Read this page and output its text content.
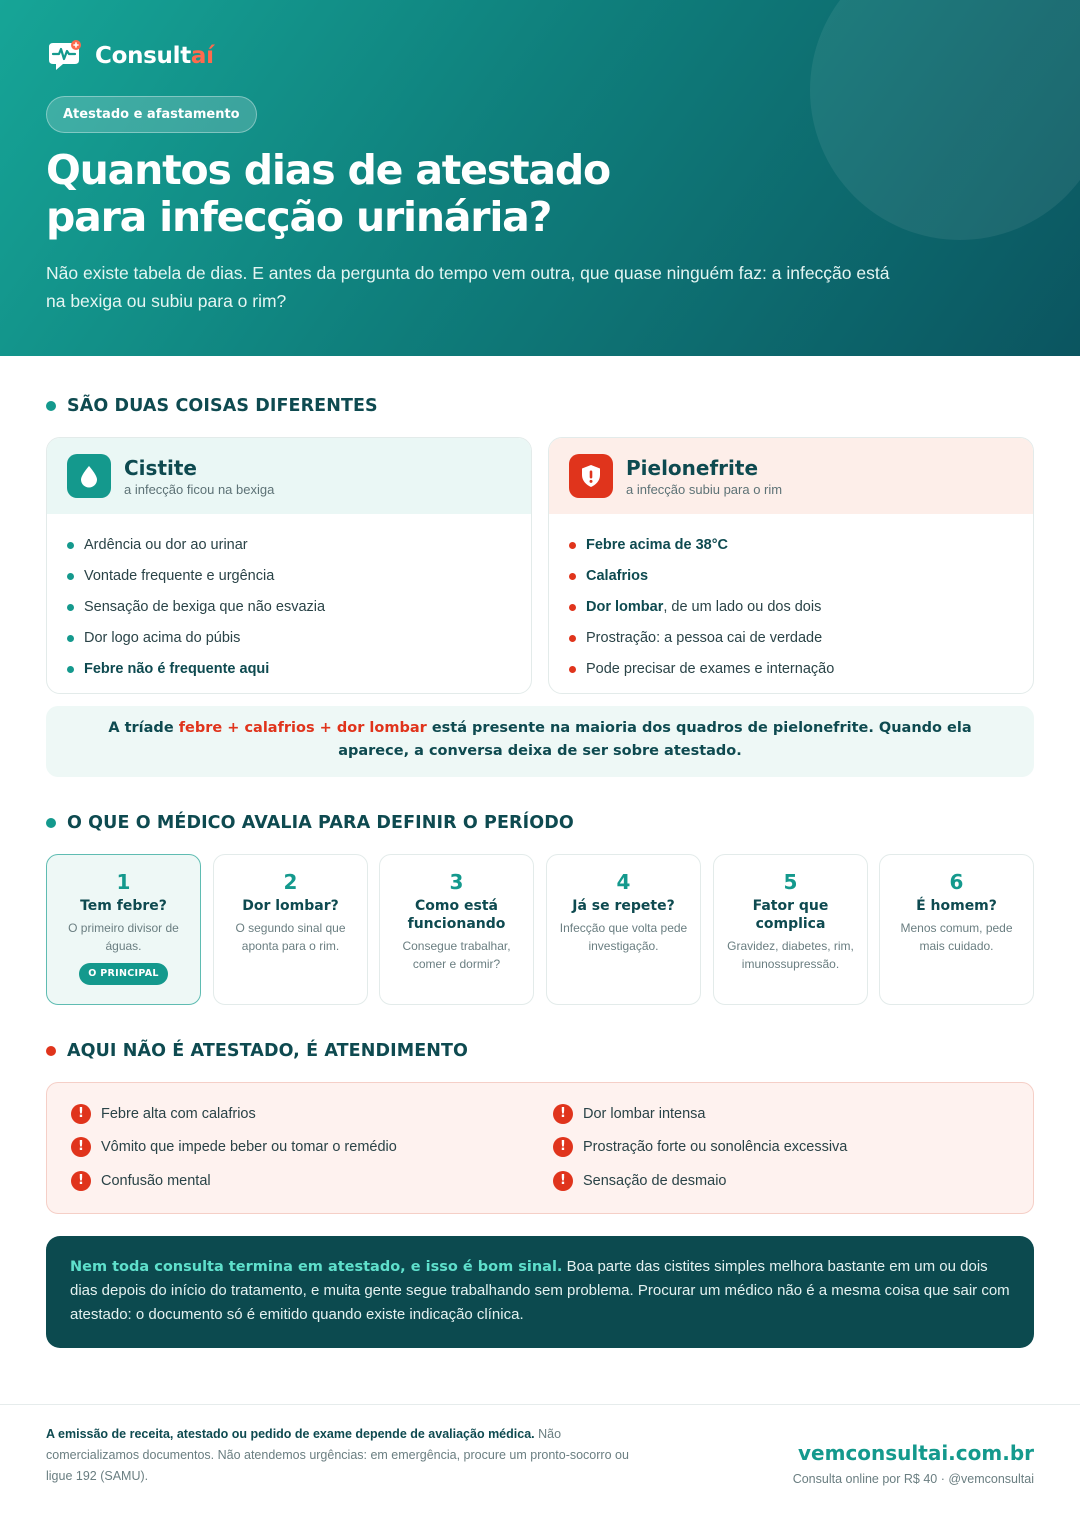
Consultaí
Atestado e afastamento
Quantos dias de atestado
para infecção urinária?
Não existe tabela de dias. E antes da pergunta do tempo vem outra, que quase ninguém faz: a infecção está na bexiga ou subiu para o rim?
SÃO DUAS COISAS DIFERENTES
Cistite
a infecção ficou na bexiga
Ardência ou dor ao urinar
Vontade frequente e urgência
Sensação de bexiga que não esvazia
Dor logo acima do púbis
Febre não é frequente aqui
Pielonefrite
a infecção subiu para o rim
Febre acima de 38°C
Calafrios
Dor lombar, de um lado ou dos dois
Prostração: a pessoa cai de verdade
Pode precisar de exames e internação
A tríade febre + calafrios + dor lombar está presente na maioria dos quadros de pielonefrite. Quando ela aparece, a conversa deixa de ser sobre atestado.
O QUE O MÉDICO AVALIA PARA DEFINIR O PERÍODO
1
Tem febre?
O primeiro divisor de águas.
O PRINCIPAL
2
Dor lombar?
O segundo sinal que aponta para o rim.
3
Como está funcionando
Consegue trabalhar, comer e dormir?
4
Já se repete?
Infecção que volta pede investigação.
5
Fator que complica
Gravidez, diabetes, rim, imunossupressão.
6
É homem?
Menos comum, pede mais cuidado.
AQUI NÃO É ATESTADO, É ATENDIMENTO
!	Febre alta com calafrios
!	Vômito que impede beber ou tomar o remédio
!	Confusão mental
!	Dor lombar intensa
!	Prostração forte ou sonolência excessiva
!	Sensação de desmaio
Nem toda consulta termina em atestado, e isso é bom sinal. Boa parte das cistites simples melhora bastante em um ou dois dias depois do início do tratamento, e muita gente segue trabalhando sem problema. Procurar um médico não é a mesma coisa que sair com atestado: o documento só é emitido quando existe indicação clínica.
A emissão de receita, atestado ou pedido de exame depende de avaliação médica. Não comercializamos documentos. Não atendemos urgências: em emergência, procure um pronto-socorro ou ligue 192 (SAMU).
vemconsultai.com.br
Consulta online por R$ 40 · @vemconsultai
